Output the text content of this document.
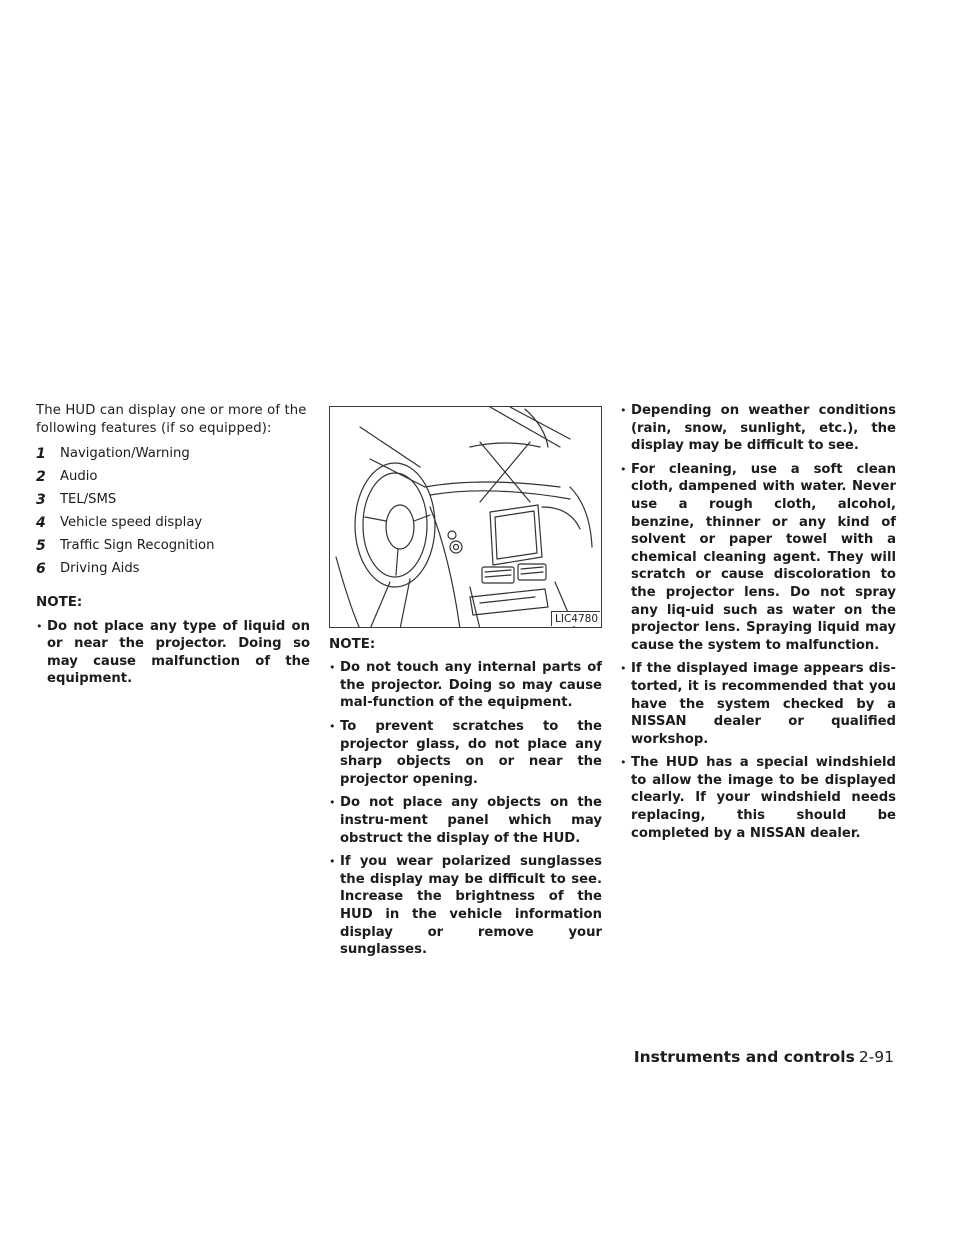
The HUD can display one or more of the following features (if so equipped):

1	Navigation/Warning
2	Audio
3	TEL/SMS
4	Vehicle speed display
5	Traffic Sign Recognition
6	Driving Aids
NOTE:
• Do not place any type of liquid on or near the projector. Doing so may cause malfunction of the equipment.
LIC4780
NOTE:
• Do not touch any internal parts of the projector. Doing so may cause mal-function of the equipment.
• To prevent scratches to the projector glass, do not place any sharp objects on or near the projector opening.
• Do not place any objects on the instru-ment panel which may obstruct the display of the HUD.
• If you wear polarized sunglasses the display may be difficult to see. Increase the brightness of the HUD in the vehicle information display or remove your sunglasses.
• Depending on weather conditions (rain, snow, sunlight, etc.), the display may be difficult to see.
• For cleaning, use a soft clean cloth, dampened with water. Never use a rough cloth, alcohol, benzine, thinner or any kind of solvent or paper towel with a chemical cleaning agent. They will scratch or cause discoloration to the projector lens. Do not spray any liq-uid such as water on the projector lens. Spraying liquid may cause the system to malfunction.
• If the displayed image appears dis-torted, it is recommended that you have the system checked by a NISSAN dealer or qualified workshop.
• The HUD has a special windshield to allow the image to be displayed clearly. If your windshield needs replacing, this should be completed by a NISSAN dealer.
Instruments and controls 2-91
